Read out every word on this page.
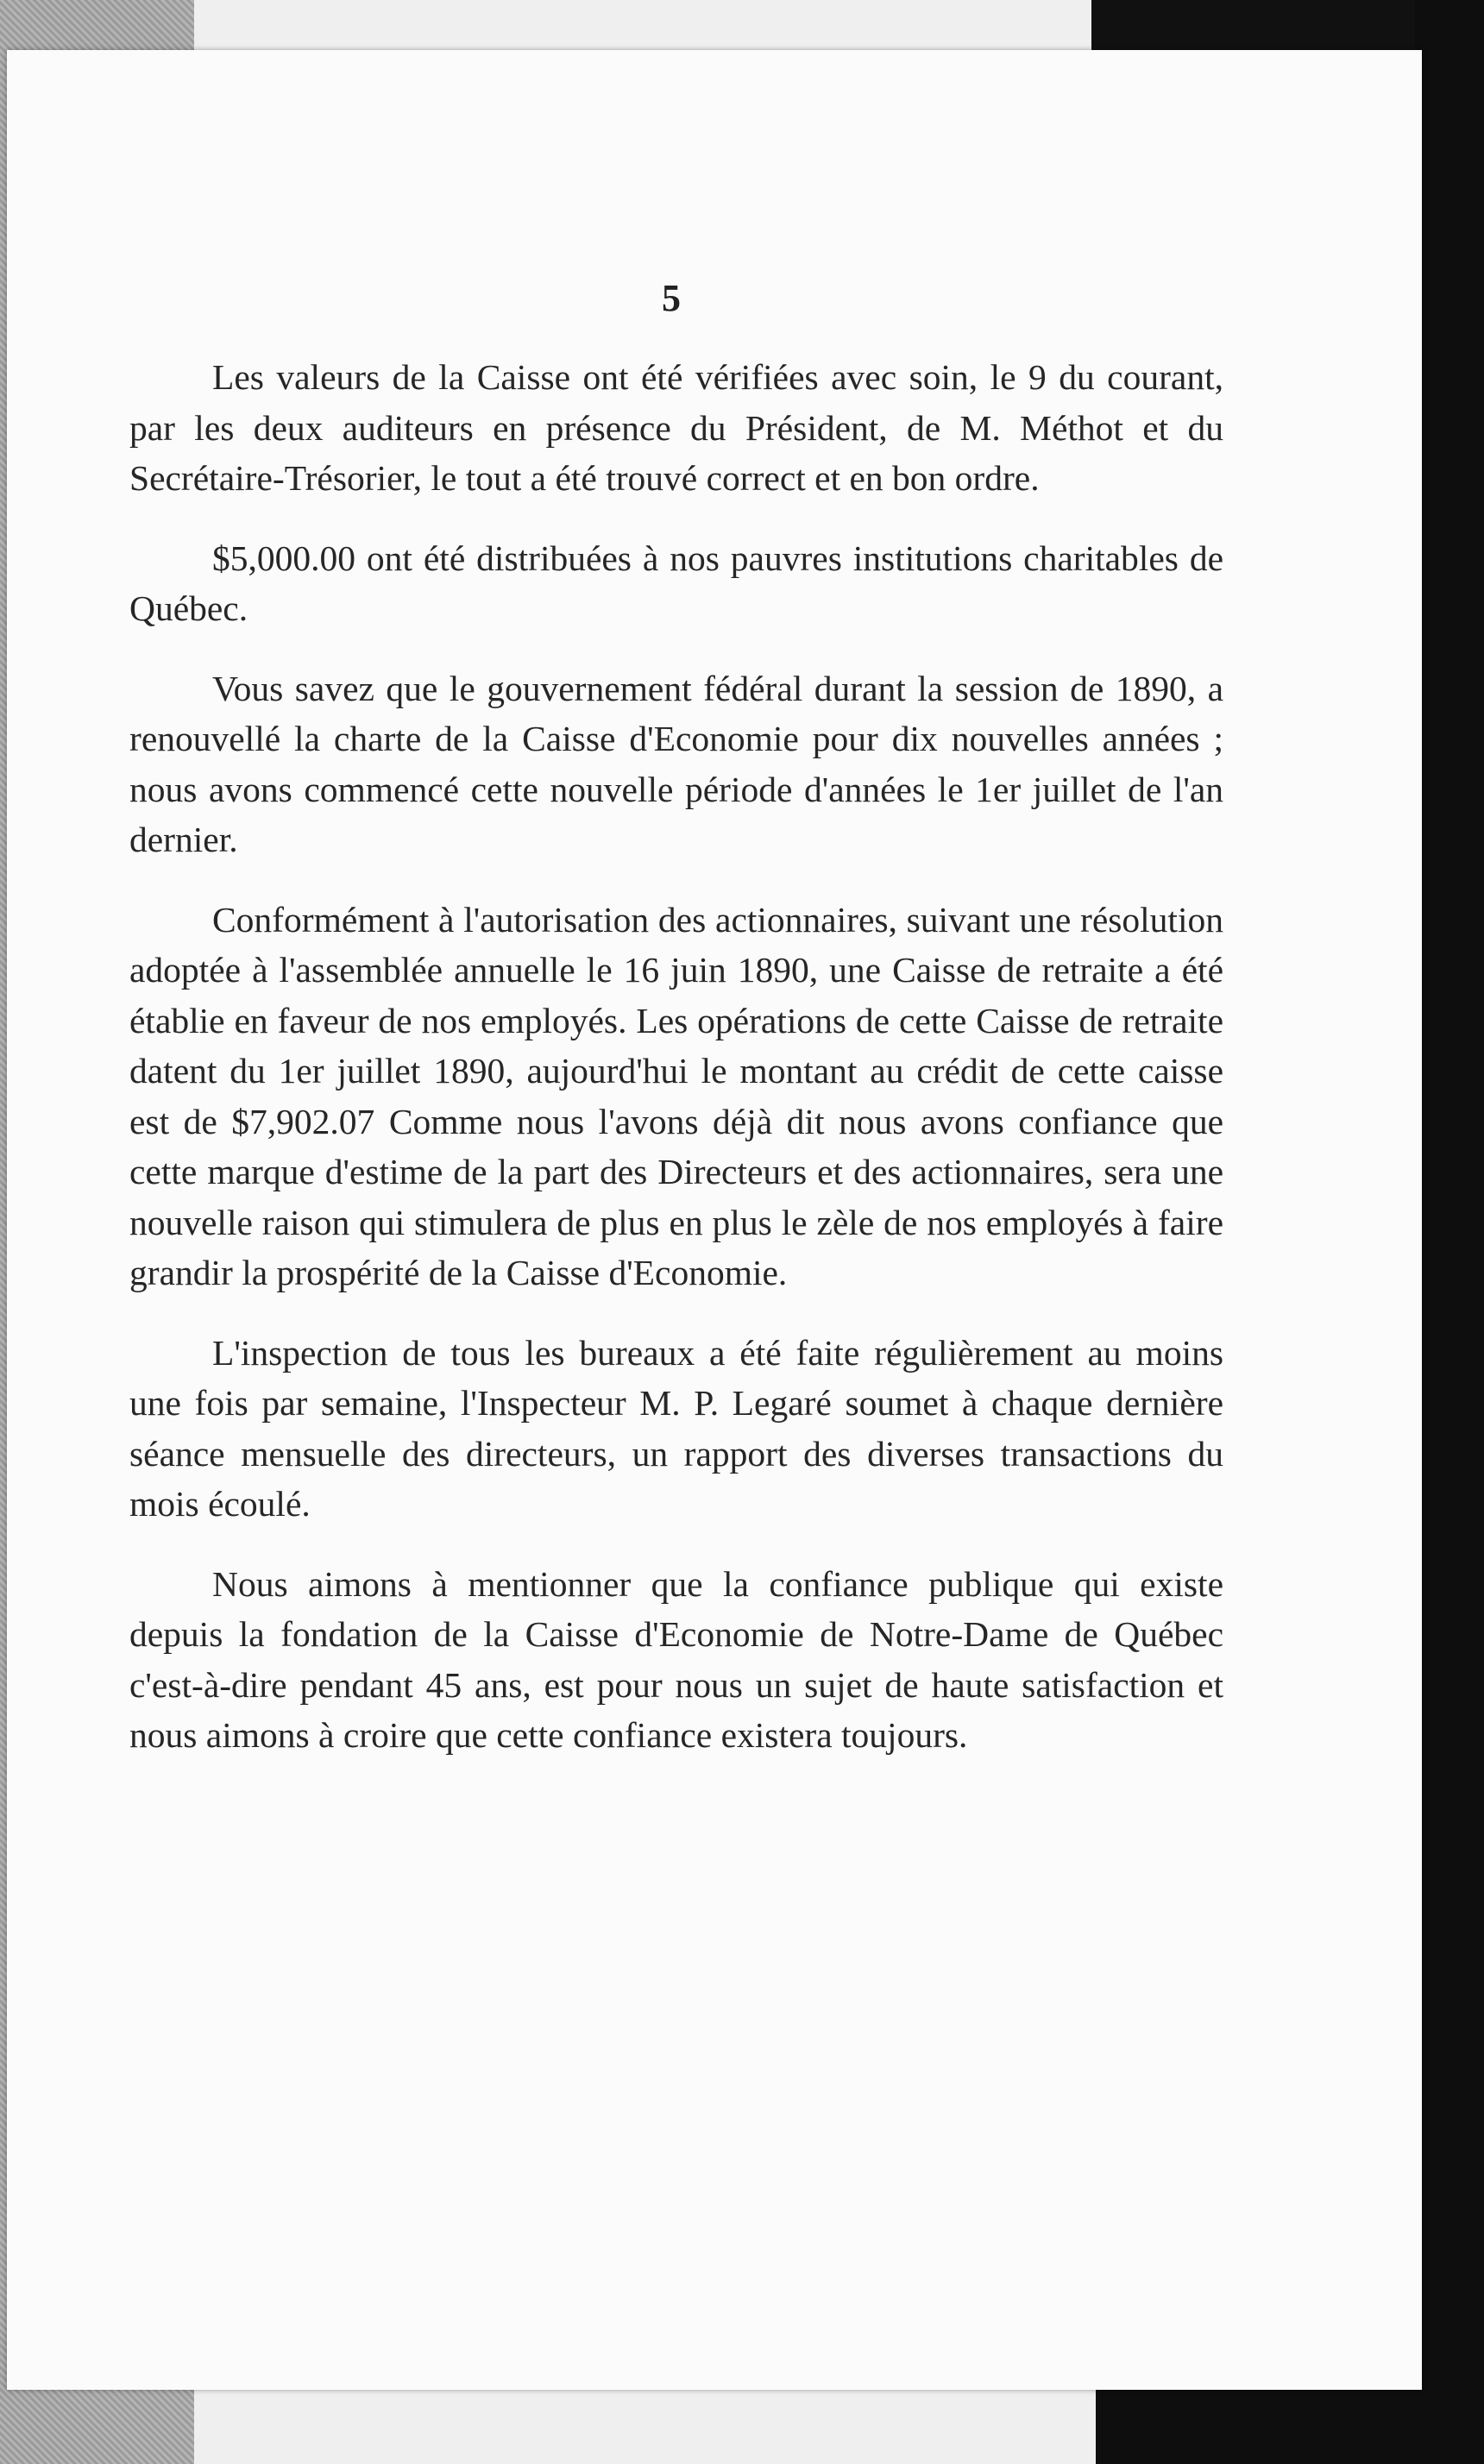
5

Les valeurs de la Caisse ont été vérifiées avec soin, le 9 du courant, par les deux auditeurs en présence du Président, de M. Méthot et du Secrétaire-Trésorier, le tout a été trouvé correct et en bon ordre.

$5,000.00 ont été distribuées à nos pauvres institutions charitables de Québec.

Vous savez que le gouvernement fédéral durant la session de 1890, a renouvellé la charte de la Caisse d'Economie pour dix nouvelles années ; nous avons commencé cette nouvelle période d'années le 1er juillet de l'an dernier.

Conformément à l'autorisation des actionnaires, suivant une résolution adoptée à l'assemblée annuelle le 16 juin 1890, une Caisse de retraite a été établie en faveur de nos employés. Les opérations de cette Caisse de retraite datent du 1er juillet 1890, aujourd'hui le montant au crédit de cette caisse est de $7,902.07 Comme nous l'avons déjà dit nous avons confiance que cette marque d'estime de la part des Directeurs et des actionnaires, sera une nouvelle raison qui stimulera de plus en plus le zèle de nos employés à faire grandir la prospérité de la Caisse d'Economie.

L'inspection de tous les bureaux a été faite régulièrement au moins une fois par semaine, l'Inspecteur M. P. Legaré soumet à chaque dernière séance mensuelle des directeurs, un rapport des diverses transactions du mois écoulé.

Nous aimons à mentionner que la confiance publique qui existe depuis la fondation de la Caisse d'Economie de Notre-Dame de Québec c'est-à-dire pendant 45 ans, est pour nous un sujet de haute satisfaction et nous aimons à croire que cette confiance existera toujours.
